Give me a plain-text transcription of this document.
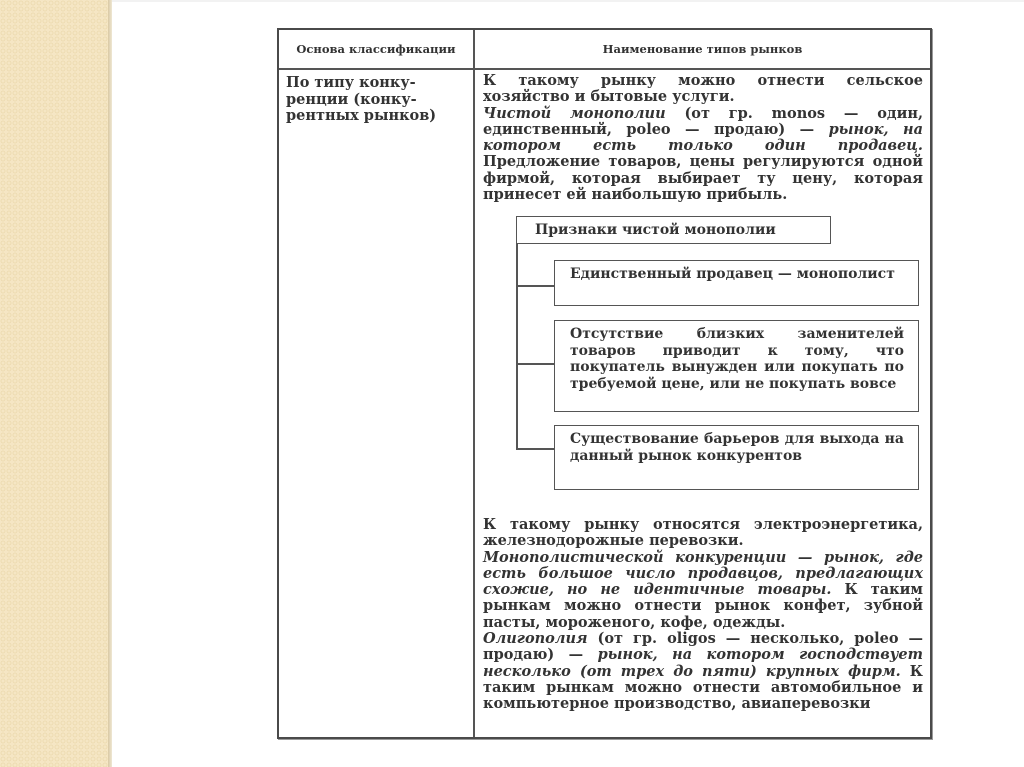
Основа классификации	Наименование типов рынков
По типу конку-
ренции (конку-
рентных рынков)

К такому рынку можно отнести сельское хозяйство и бытовые услуги.

Чистой монополии (от гр. monos — один, единственный, poleo — продаю) — рынок, на котором есть только один продавец. Предложение товаров, цены регулируются одной фирмой, которая выбирает ту цену, которая принесет ей наибольшую прибыль.

Признаки чистой монополии
Единственный продавец — монополист
Отсутствие близких заменителей товаров приводит к тому, что покупатель вынужден или покупать по требуемой цене, или не покупать вовсе
Существование барьеров для выхода на данный рынок конкурентов

К такому рынку относятся электроэнергетика, железнодорожные перевозки.

Монополистической конкуренции — рынок, где есть большое число продавцов, предлагающих схожие, но не идентичные товары. К таким рынкам можно отнести рынок конфет, зубной пасты, мороженого, кофе, одежды.

Олигополия (от гр. oligos — несколько, poleo — продаю) — рынок, на котором господствует несколько (от трех до пяти) крупных фирм. К таким рынкам можно отнести автомобильное и компьютерное производство, авиаперевозки
